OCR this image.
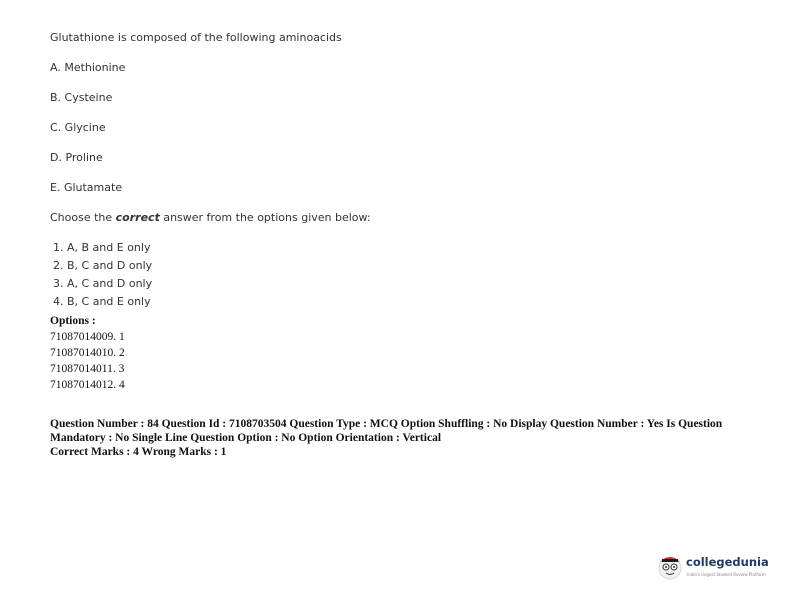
Glutathione is composed of the following aminoacids
A. Methionine
B. Cysteine
C. Glycine
D. Proline
E. Glutamate
Choose the correct answer from the options given below:
1. A, B and E only
2. B, C and D only
3. A, C and D only
4. B, C and E only
Options :
71087014009. 1
71087014010. 2
71087014011. 3
71087014012. 4
Question Number : 84 Question Id : 7108703504 Question Type : MCQ Option Shuffling : No Display Question Number : Yes Is Question Mandatory : No Single Line Question Option : No Option Orientation : Vertical
Correct Marks : 4 Wrong Marks : 1
collegedunia
India's largest Student Review Platform
